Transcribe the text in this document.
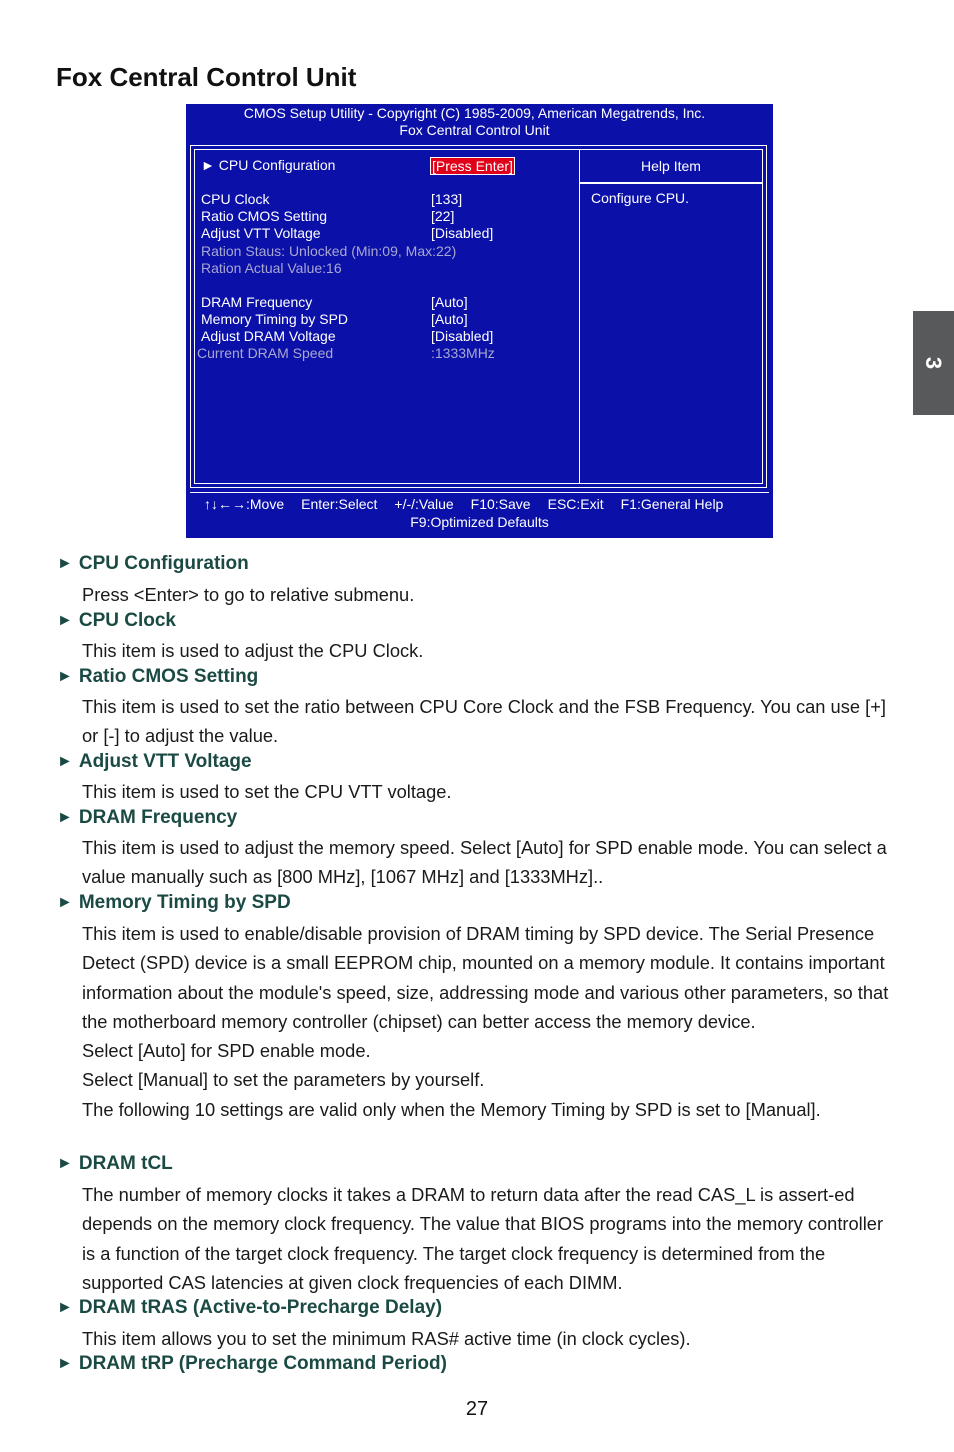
Fox Central Control Unit
3
CMOS Setup Utility - Copyright (C) 1985-2009, American Megatrends, Inc.
Fox Central Control Unit
Help Item
Configure CPU.
► CPU Configuration	[Press Enter]
CPU Clock	[133]
Ratio CMOS Setting	[22]
Adjust VTT Voltage	[Disabled]
Ration Staus: Unlocked (Min:09, Max:22)
Ration Actual Value:16
DRAM Frequency	[Auto]
Memory Timing by SPD	[Auto]
Adjust DRAM Voltage	[Disabled]
Current DRAM Speed	:1333MHz
↑↓←→:Move Enter:Select +/-/:Value F10:Save ESC:Exit F1:General Help
F9:Optimized Defaults
► CPU Configuration

Press <Enter> to go to relative submenu.

► CPU Clock

This item is used to adjust the CPU Clock.

► Ratio CMOS Setting

This item is used to set the ratio between CPU Core Clock and the FSB Frequency. You can use [+] or [-] to adjust the value.

► Adjust VTT Voltage

This item is used to set the CPU VTT voltage.

► DRAM Frequency

This item is used to adjust the memory speed. Select [Auto] for SPD enable mode. You can select a value manually such as [800 MHz], [1067 MHz] and [1333MHz]..

► Memory Timing by SPD

This item is used to enable/disable provision of DRAM timing by SPD device. The Serial Presence Detect (SPD) device is a small EEPROM chip, mounted on a memory module. It contains important information about the module's speed, size, addressing mode and various other parameters, so that the motherboard memory controller (chipset) can better access the memory device.

Select [Auto] for SPD enable mode.

Select [Manual] to set the parameters by yourself.

The following 10 settings are valid only when the Memory Timing by SPD is set to [Manual].

► DRAM tCL

The number of memory clocks it takes a DRAM to return data after the read CAS_L is assert-ed depends on the memory clock frequency. The value that BIOS programs into the memory controller is a function of the target clock frequency. The target clock frequency is determined from the supported CAS latencies at given clock frequencies of each DIMM.

► DRAM tRAS (Active-to-Precharge Delay)

This item allows you to set the minimum RAS# active time (in clock cycles).

► DRAM tRP (Precharge Command Period)
27
